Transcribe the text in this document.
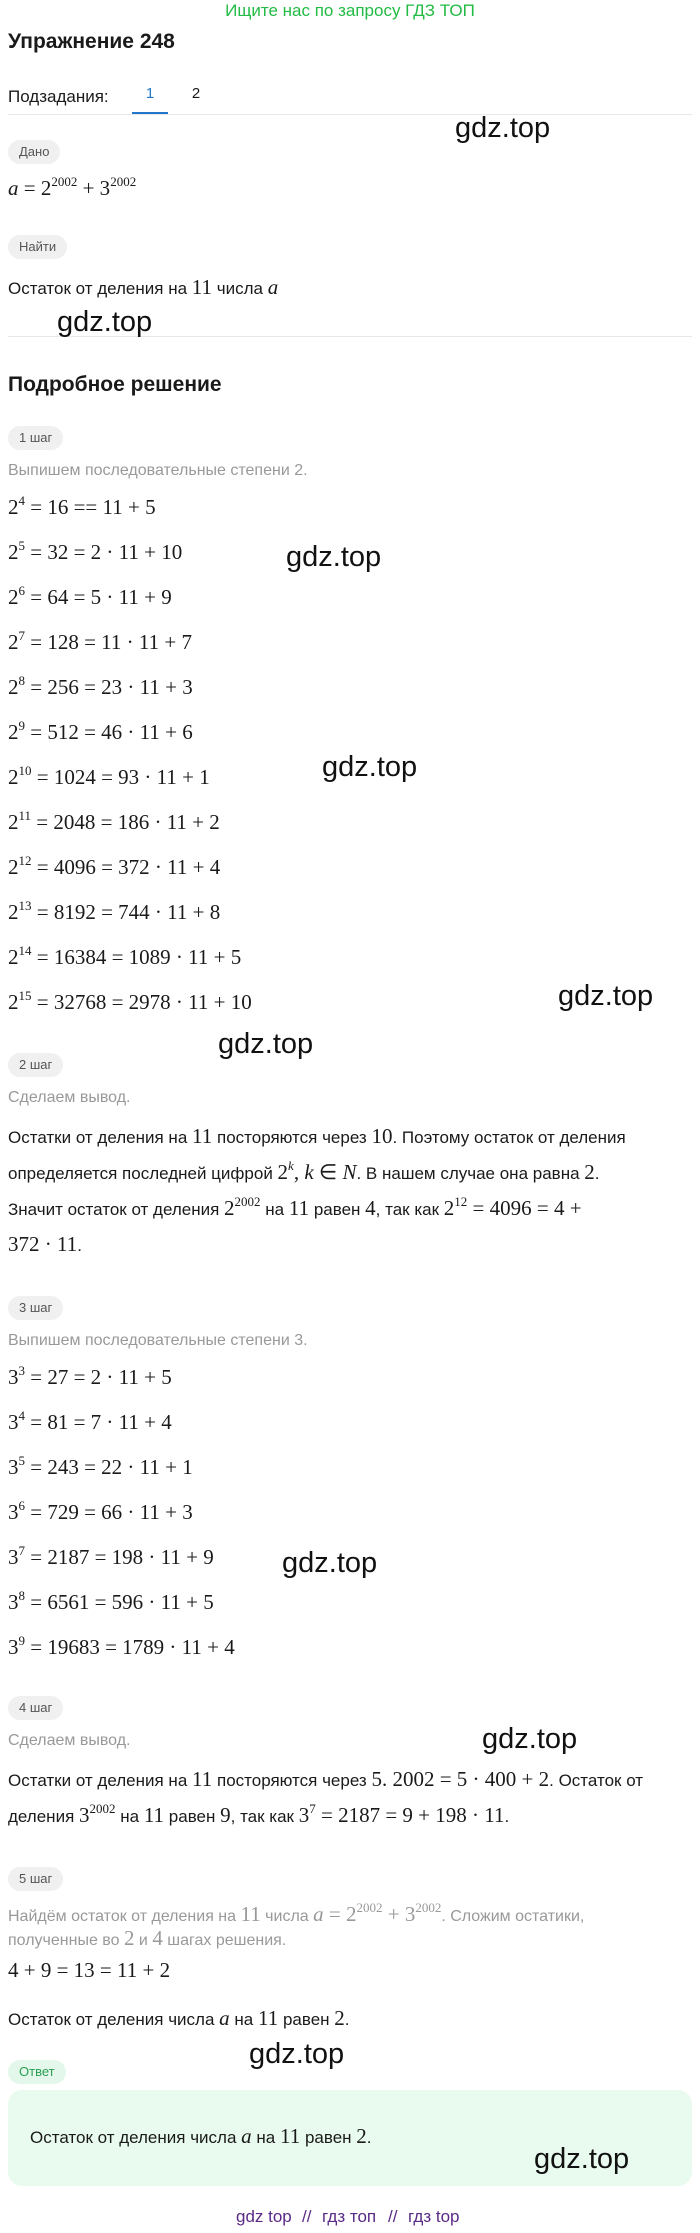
Ищите нас по запросу ГДЗ ТОП
Упражнение 248
Подзадания:	1	2
Дано
$a = 2^{2002} + 3^{2002}$
Найти
Остаток от деления на 11 числа a
Подробное решение
1 шаг
Выпишем последовательные степени 2.
$2^4 = 16 == 11 + 5$
$2^5 = 32 = 2 \cdot 11 + 10$
$2^6 = 64 = 5 \cdot 11 + 9$
$2^7 = 128 = 11 \cdot 11 + 7$
$2^8 = 256 = 23 \cdot 11 + 3$
$2^9 = 512 = 46 \cdot 11 + 6$
$2^{10} = 1024 = 93 \cdot 11 + 1$
$2^{11} = 2048 = 186 \cdot 11 + 2$
$2^{12} = 4096 = 372 \cdot 11 + 4$
$2^{13} = 8192 = 744 \cdot 11 + 8$
$2^{14} = 16384 = 1089 \cdot 11 + 5$
$2^{15} = 32768 = 2978 \cdot 11 + 10$
2 шаг
Сделаем вывод.
Остатки от деления на 11 посторяются через 10. Поэтому остаток от деления
определяется последней цифрой 2$^k$, k ∈ N. В нашем случае она равна 2.
Значит остаток от деления $2^{2002}$ на 11 равен 4, так как $2^{12} = 4096 = 4$ +
372 · 11.
3 шаг
Выпишем последовательные степени 3.
$3^3 = 27 = 2 \cdot 11 + 5$
$3^4 = 81 = 7 \cdot 11 + 4$
$3^5 = 243 = 22 \cdot 11 + 1$
$3^6 = 729 = 66 \cdot 11 + 3$
$3^7 = 2187 = 198 \cdot 11 + 9$
$3^8 = 6561 = 596 \cdot 11 + 5$
$3^9 = 19683 = 1789 \cdot 11 + 4$
4 шаг
Сделаем вывод.
Остатки от деления на 11 посторяются через 5. 2002 = 5 · 400 + 2. Остаток от
деления $3^{2002}$ на 11 равен 9, так как $3^7 = 2187 = 9 + 198 \cdot 11$.
5 шаг
Найдём остаток от деления на 11 числа $a = 2^{2002} + 3^{2002}$. Сложим остатики,
полученные во 2 и 4 шагах решения.
4 + 9 = 13 = 11 + 2
Остаток от деления числа a на 11 равен 2.
Ответ
Остаток от деления числа a на 11 равен 2.
gdz.top
gdz.top
gdz.top
gdz.top
gdz.top
gdz.top
gdz.top
gdz.top
gdz.top
gdz.top
gdz top // гдз топ // гдз top
